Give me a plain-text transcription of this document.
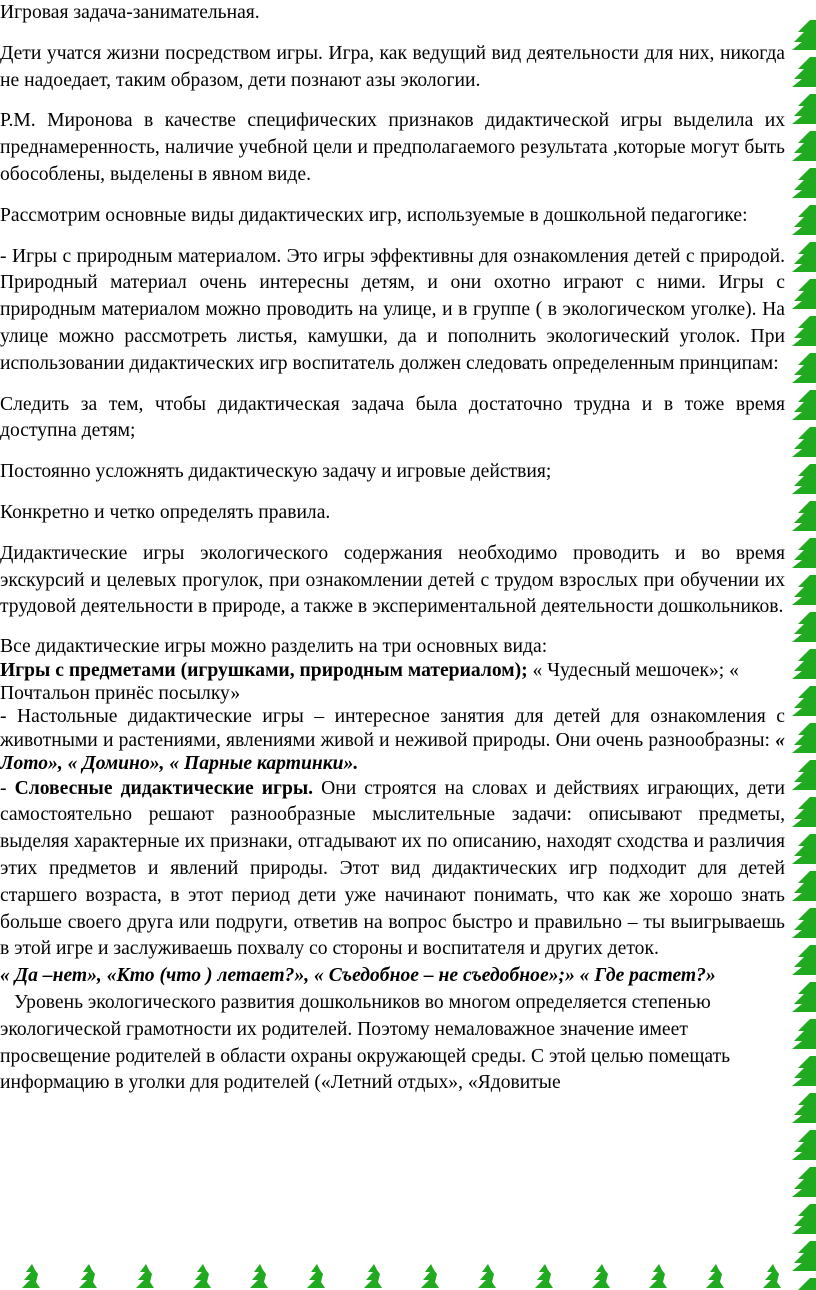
Игровая задача-занимательная.

Дети учатся жизни посредством игры. Игра, как ведущий вид деятельности для них, никогда не надоедает, таким образом, дети познают азы экологии.

Р.М. Миронова в качестве специфических признаков дидактической игры выделила их преднамеренность, наличие учебной цели и предполагаемого результата ,которые могут быть обособлены, выделены в явном виде.

Рассмотрим основные виды дидактических игр, используемые в дошкольной педагогике:

- Игры с природным материалом. Это игры эффективны для ознакомления детей с природой. Природный материал очень интересны детям, и они охотно играют с ними. Игры с природным материалом можно проводить на улице, и в группе ( в экологическом уголке). На улице можно рассмотреть листья, камушки, да и пополнить экологический уголок. При использовании дидактических игр воспитатель должен следовать определенным принципам:

Следить за тем, чтобы дидактическая задача была достаточно трудна и в тоже время доступна детям;

Постоянно усложнять дидактическую задачу и игровые действия;

Конкретно и четко определять правила.

Дидактические игры экологического содержания необходимо проводить и во время экскурсий и целевых прогулок, при ознакомлении детей с трудом взрослых при обучении их трудовой деятельности в природе, а также в экспериментальной деятельности дошкольников.

Все дидактические игры можно разделить на три основных вида:

Игры с предметами (игрушками, природным материалом); « Чудесный мешочек»; « Почтальон принёс посылку»

- Настольные дидактические игры – интересное занятия для детей для ознакомления с животными и растениями, явлениями живой и неживой природы. Они очень разнообразны: « Лото», « Домино», « Парные картинки».

- Словесные дидактические игры. Они строятся на словах и действиях играющих, дети самостоятельно решают разнообразные мыслительные задачи: описывают предметы, выделяя характерные их признаки, отгадывают их по описанию, находят сходства и различия этих предметов и явлений природы. Этот вид дидактических игр подходит для детей старшего возраста, в этот период дети уже начинают понимать, что как же хорошо знать больше своего друга или подруги, ответив на вопрос быстро и правильно – ты выигрываешь в этой игре и заслуживаешь похвалу со стороны и воспитателя и других деток.

« Да –нет», «Кто (что ) летает?», « Съедобное – не съедобное»;» « Где растет?»

Уровень экологического развития дошкольников во многом определяется степенью экологической грамотности их родителей. Поэтому немаловажное значение имеет просвещение родителей в области охраны окружающей среды. С этой целью помещать информацию в уголки для родителей («Летний отдых», «Ядовитые
